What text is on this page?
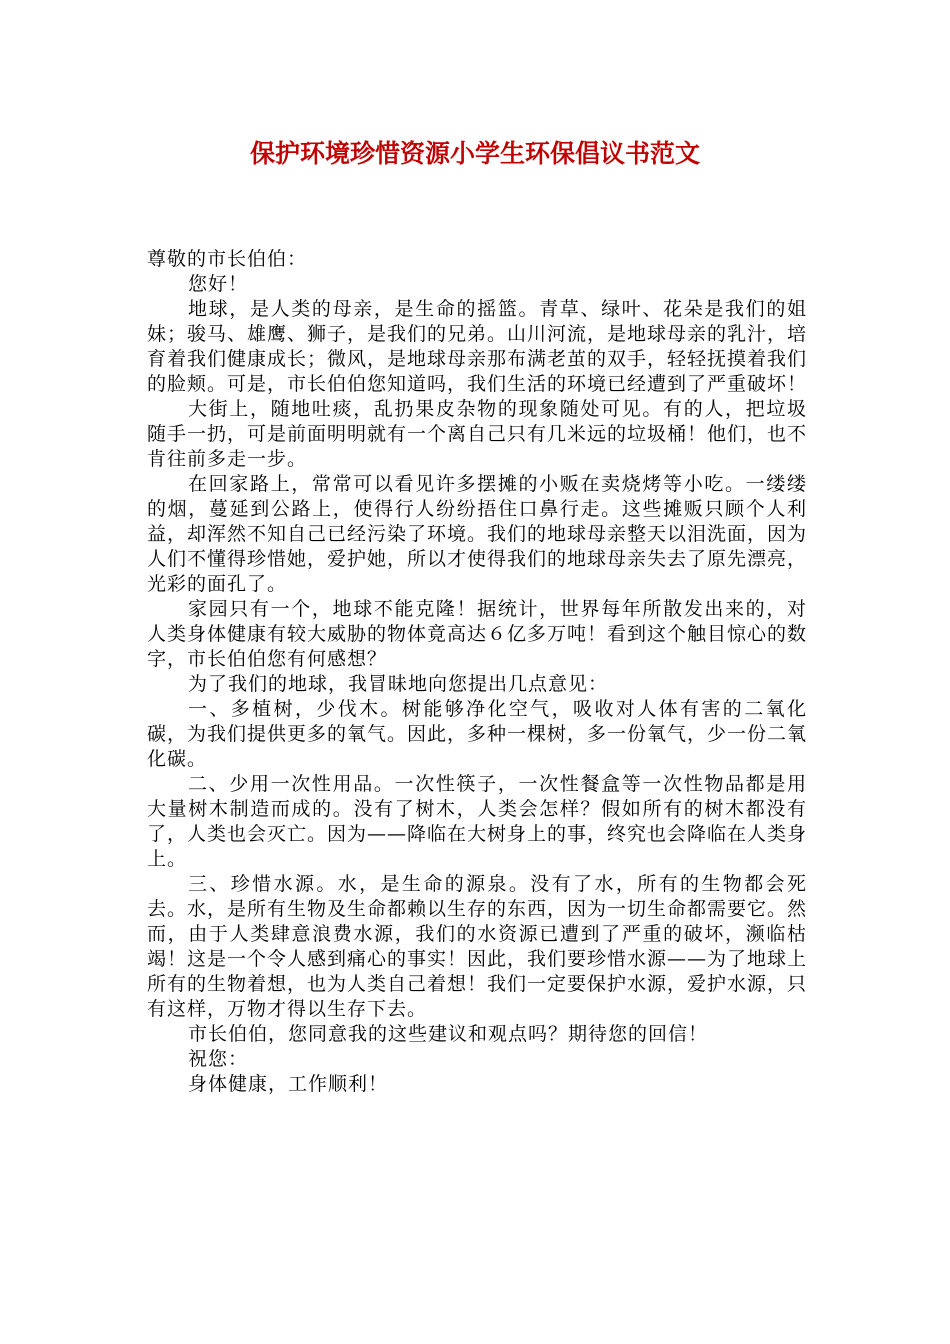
保护环境珍惜资源小学生环保倡议书范文

尊敬的市长伯伯：

您好！

地球，是人类的母亲，是生命的摇篮。青草、绿叶、花朵是我们的姐妹；骏马、雄鹰、狮子，是我们的兄弟。山川河流，是地球母亲的乳汁，培育着我们健康成长；微风，是地球母亲那布满老茧的双手，轻轻抚摸着我们的脸颊。可是，市长伯伯您知道吗，我们生活的环境已经遭到了严重破坏！

大街上，随地吐痰，乱扔果皮杂物的现象随处可见。有的人，把垃圾随手一扔，可是前面明明就有一个离自己只有几米远的垃圾桶！他们，也不肯往前多走一步。

在回家路上，常常可以看见许多摆摊的小贩在卖烧烤等小吃。一缕缕的烟，蔓延到公路上，使得行人纷纷捂住口鼻行走。这些摊贩只顾个人利益，却浑然不知自己已经污染了环境。我们的地球母亲整天以泪洗面，因为人们不懂得珍惜她，爱护她，所以才使得我们的地球母亲失去了原先漂亮，光彩的面孔了。

家园只有一个，地球不能克隆！据统计，世界每年所散发出来的，对人类身体健康有较大威胁的物体竟高达６亿多万吨！看到这个触目惊心的数字，市长伯伯您有何感想？

为了我们的地球，我冒昧地向您提出几点意见：

一、多植树，少伐木。树能够净化空气，吸收对人体有害的二氧化碳，为我们提供更多的氧气。因此，多种一棵树，多一份氧气，少一份二氧化碳。

二、少用一次性用品。一次性筷子，一次性餐盒等一次性物品都是用大量树木制造而成的。没有了树木，人类会怎样？假如所有的树木都没有了，人类也会灭亡。因为——降临在大树身上的事，终究也会降临在人类身上。

三、珍惜水源。水，是生命的源泉。没有了水，所有的生物都会死去。水，是所有生物及生命都赖以生存的东西，因为一切生命都需要它。然而，由于人类肆意浪费水源，我们的水资源已遭到了严重的破坏，濒临枯竭！这是一个令人感到痛心的事实！因此，我们要珍惜水源——为了地球上所有的生物着想，也为人类自己着想！我们一定要保护水源，爱护水源，只有这样，万物才得以生存下去。

市长伯伯，您同意我的这些建议和观点吗？期待您的回信！

祝您：

身体健康，工作顺利！
